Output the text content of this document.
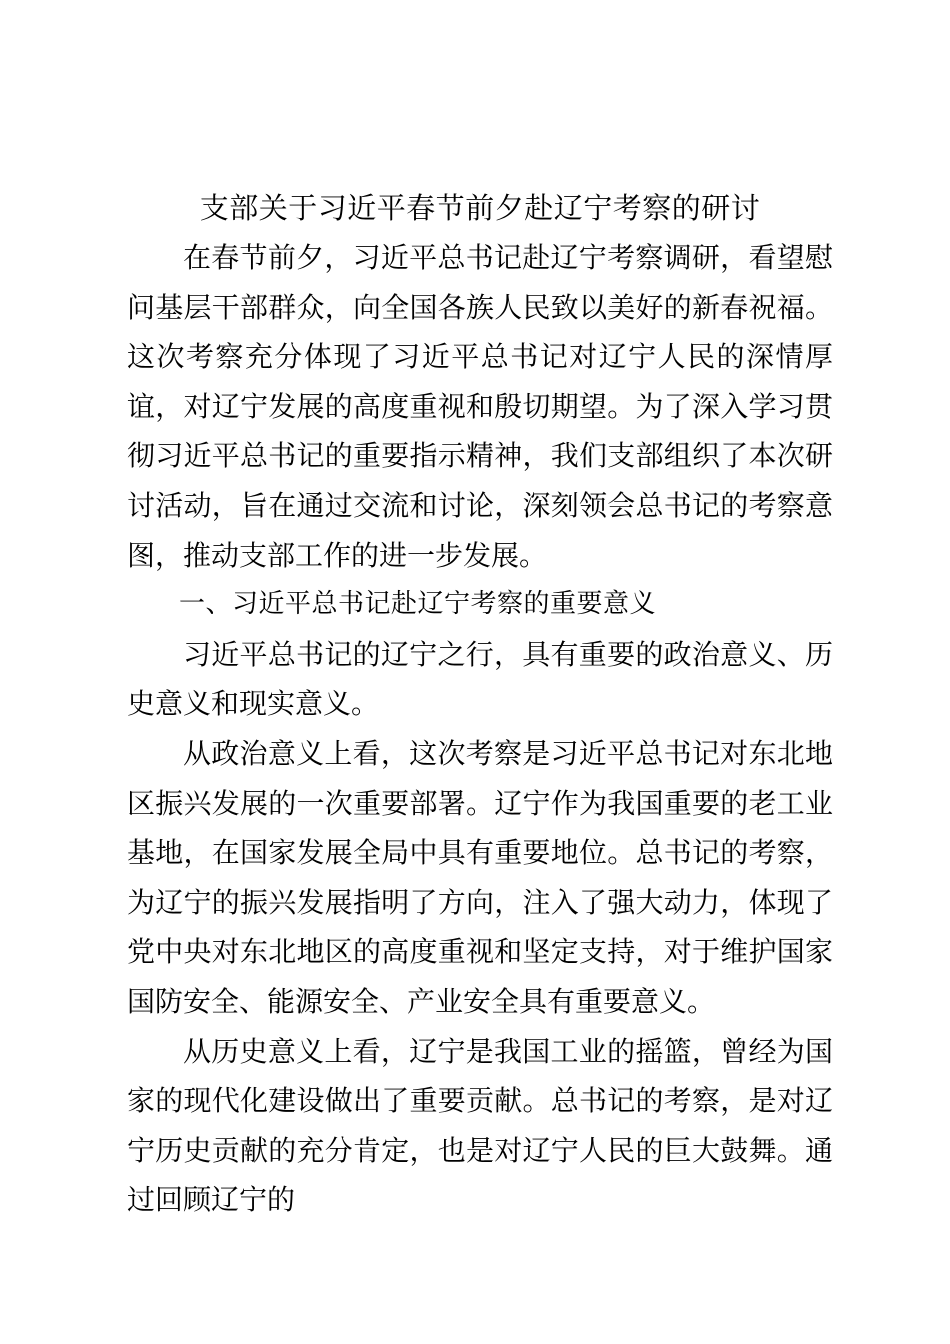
支部关于习近平春节前夕赴辽宁考察的研讨

在春节前夕，习近平总书记赴辽宁考察调研，看望慰问基层干部群众，向全国各族人民致以美好的新春祝福。这次考察充分体现了习近平总书记对辽宁人民的深情厚谊，对辽宁发展的高度重视和殷切期望。为了深入学习贯彻习近平总书记的重要指示精神，我们支部组织了本次研讨活动，旨在通过交流和讨论，深刻领会总书记的考察意图，推动支部工作的进一步发展。

一、习近平总书记赴辽宁考察的重要意义

习近平总书记的辽宁之行，具有重要的政治意义、历史意义和现实意义。

从政治意义上看，这次考察是习近平总书记对东北地区振兴发展的一次重要部署。辽宁作为我国重要的老工业基地，在国家发展全局中具有重要地位。总书记的考察，为辽宁的振兴发展指明了方向，注入了强大动力，体现了党中央对东北地区的高度重视和坚定支持，对于维护国家国防安全、能源安全、产业安全具有重要意义。

从历史意义上看，辽宁是我国工业的摇篮，曾经为国家的现代化建设做出了重要贡献。总书记的考察，是对辽宁历史贡献的充分肯定，也是对辽宁人民的巨大鼓舞。通过回顾辽宁的
